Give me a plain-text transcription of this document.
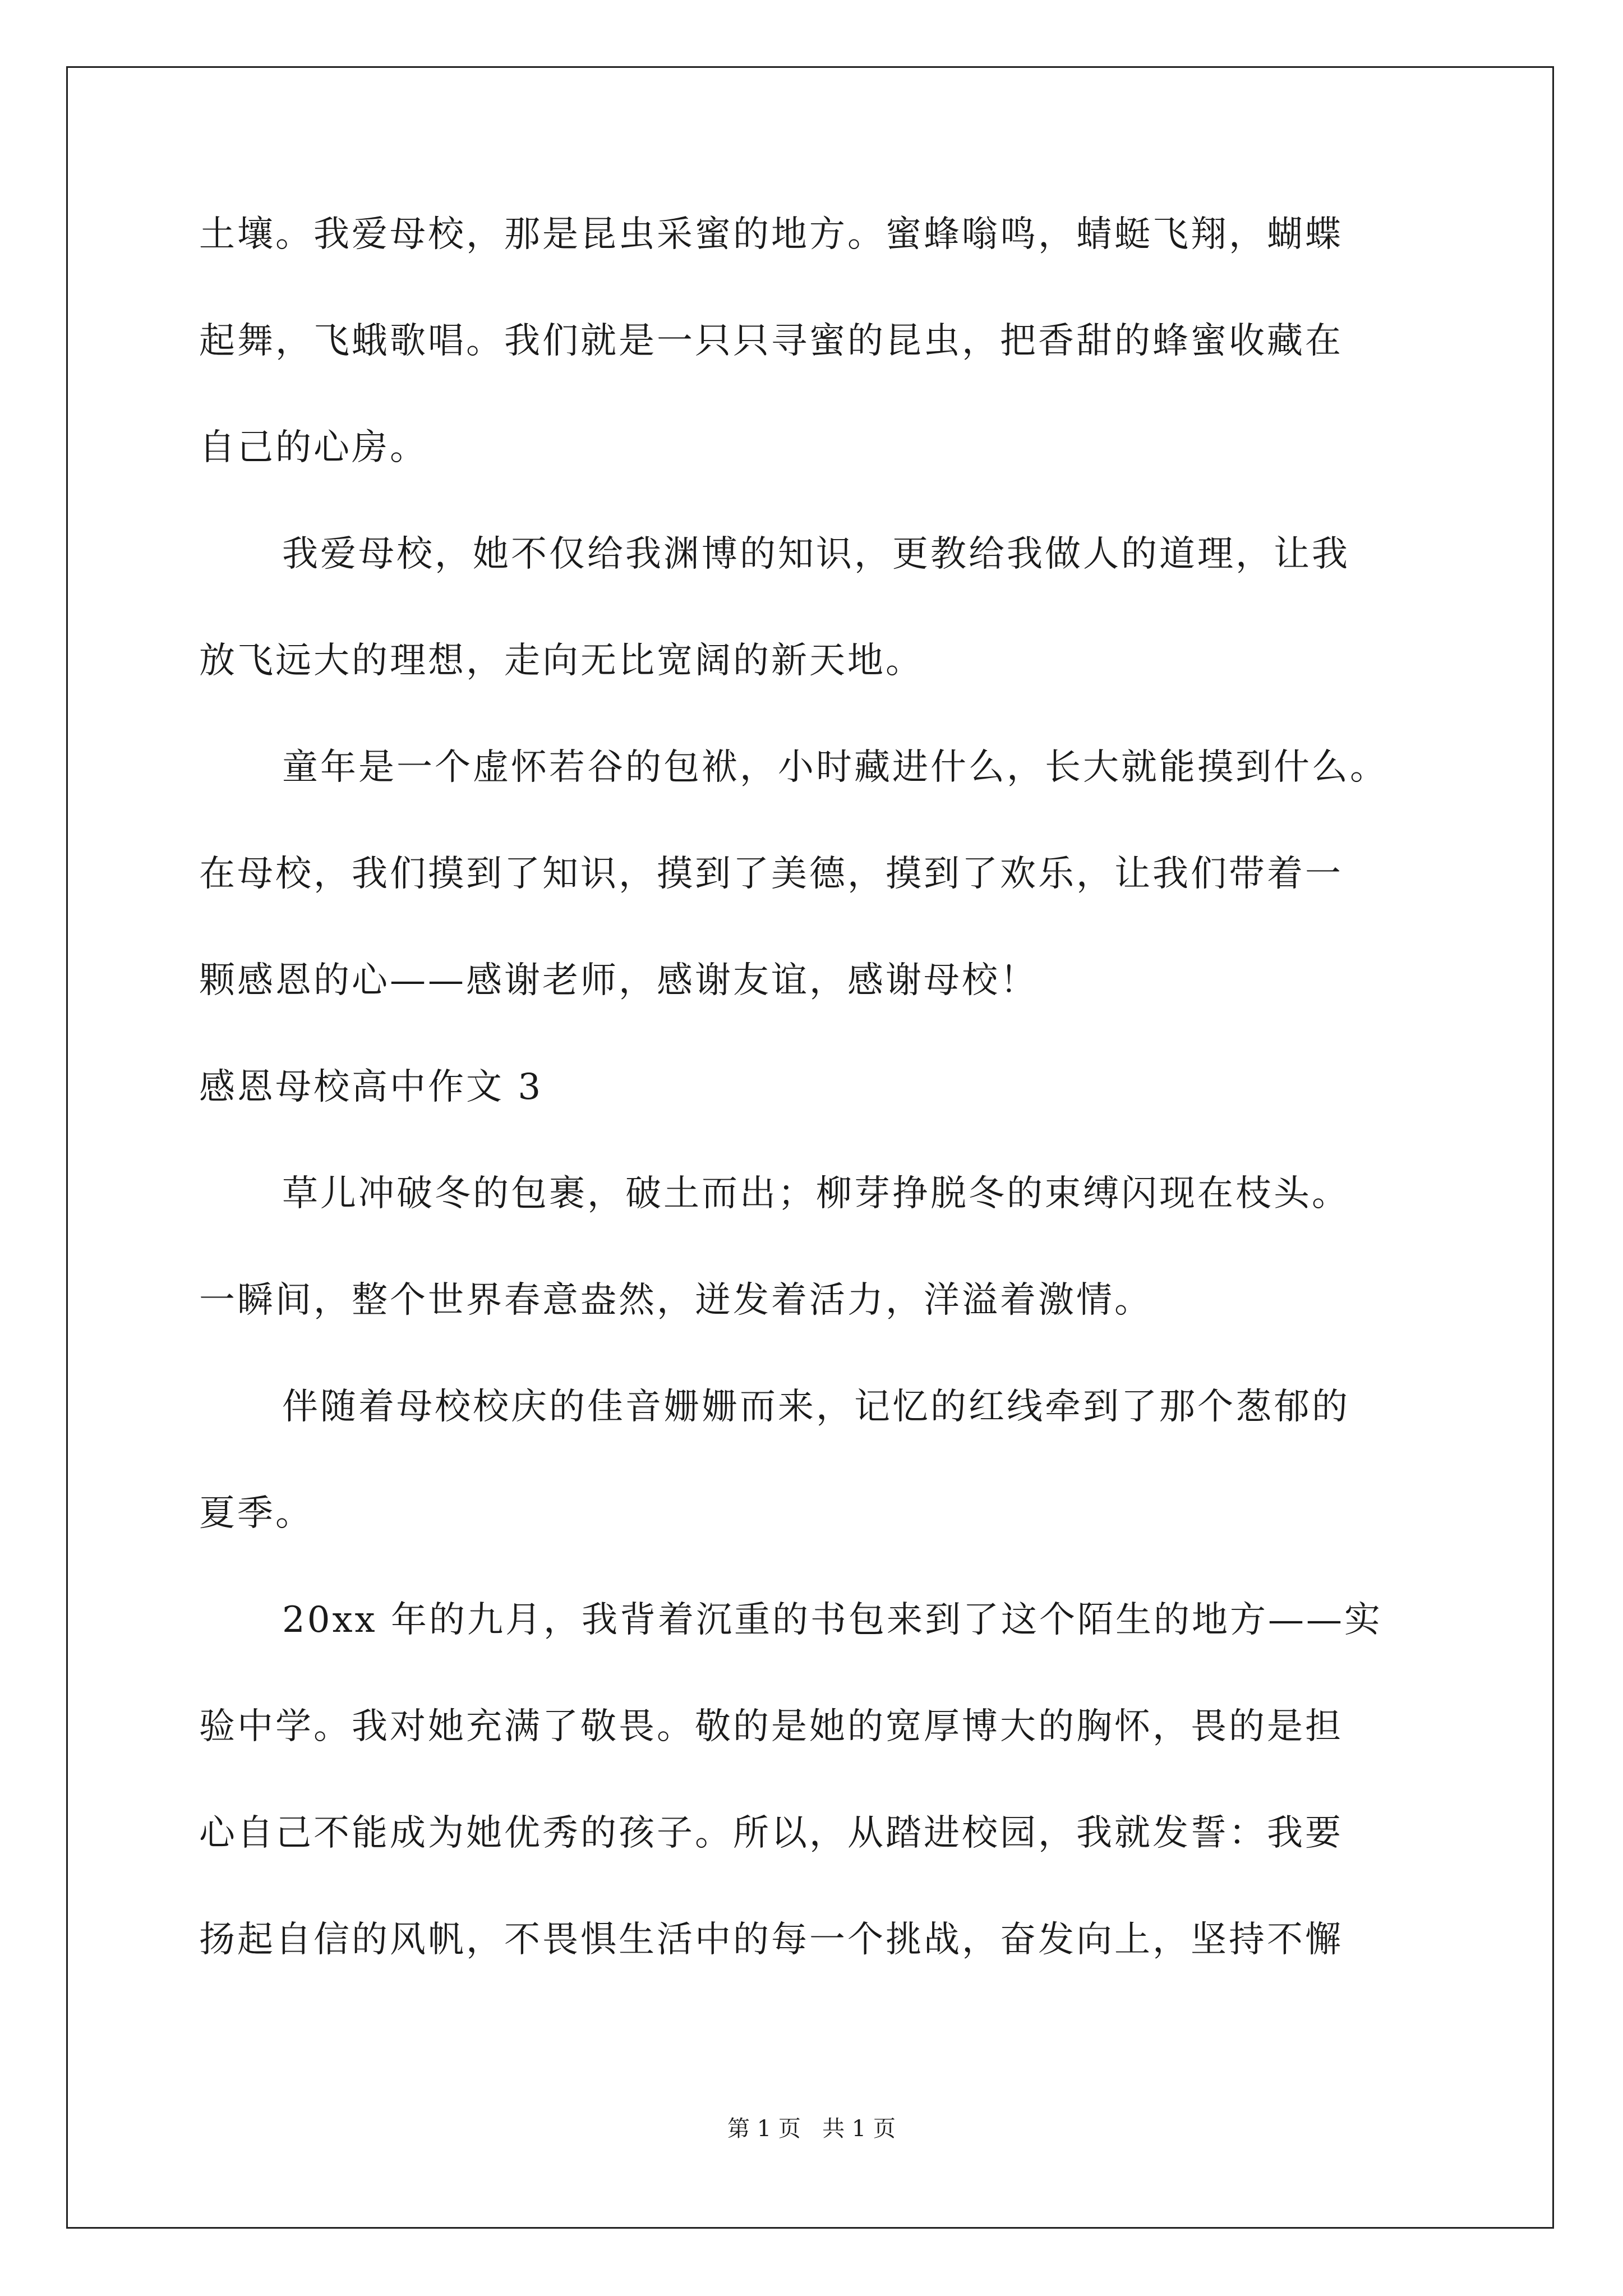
土壤。我爱母校，那是昆虫采蜜的地方。蜜蜂嗡鸣，蜻蜓飞翔，蝴蝶
起舞，飞蛾歌唱。我们就是一只只寻蜜的昆虫，把香甜的蜂蜜收藏在
自己的心房。
我爱母校，她不仅给我渊博的知识，更教给我做人的道理，让我
放飞远大的理想，走向无比宽阔的新天地。
童年是一个虚怀若谷的包袱，小时藏进什么，长大就能摸到什么。
在母校，我们摸到了知识，摸到了美德，摸到了欢乐，让我们带着一
颗感恩的心——感谢老师，感谢友谊，感谢母校！
感恩母校高中作文 3
草儿冲破冬的包裹，破土而出；柳芽挣脱冬的束缚闪现在枝头。
一瞬间，整个世界春意盎然，迸发着活力，洋溢着激情。
伴随着母校校庆的佳音姗姗而来，记忆的红线牵到了那个葱郁的
夏季。
20xx 年的九月，我背着沉重的书包来到了这个陌生的地方——实
验中学。我对她充满了敬畏。敬的是她的宽厚博大的胸怀，畏的是担
心自己不能成为她优秀的孩子。所以，从踏进校园，我就发誓：我要
扬起自信的风帆，不畏惧生活中的每一个挑战，奋发向上，坚持不懈
第 1 页   共 1 页
